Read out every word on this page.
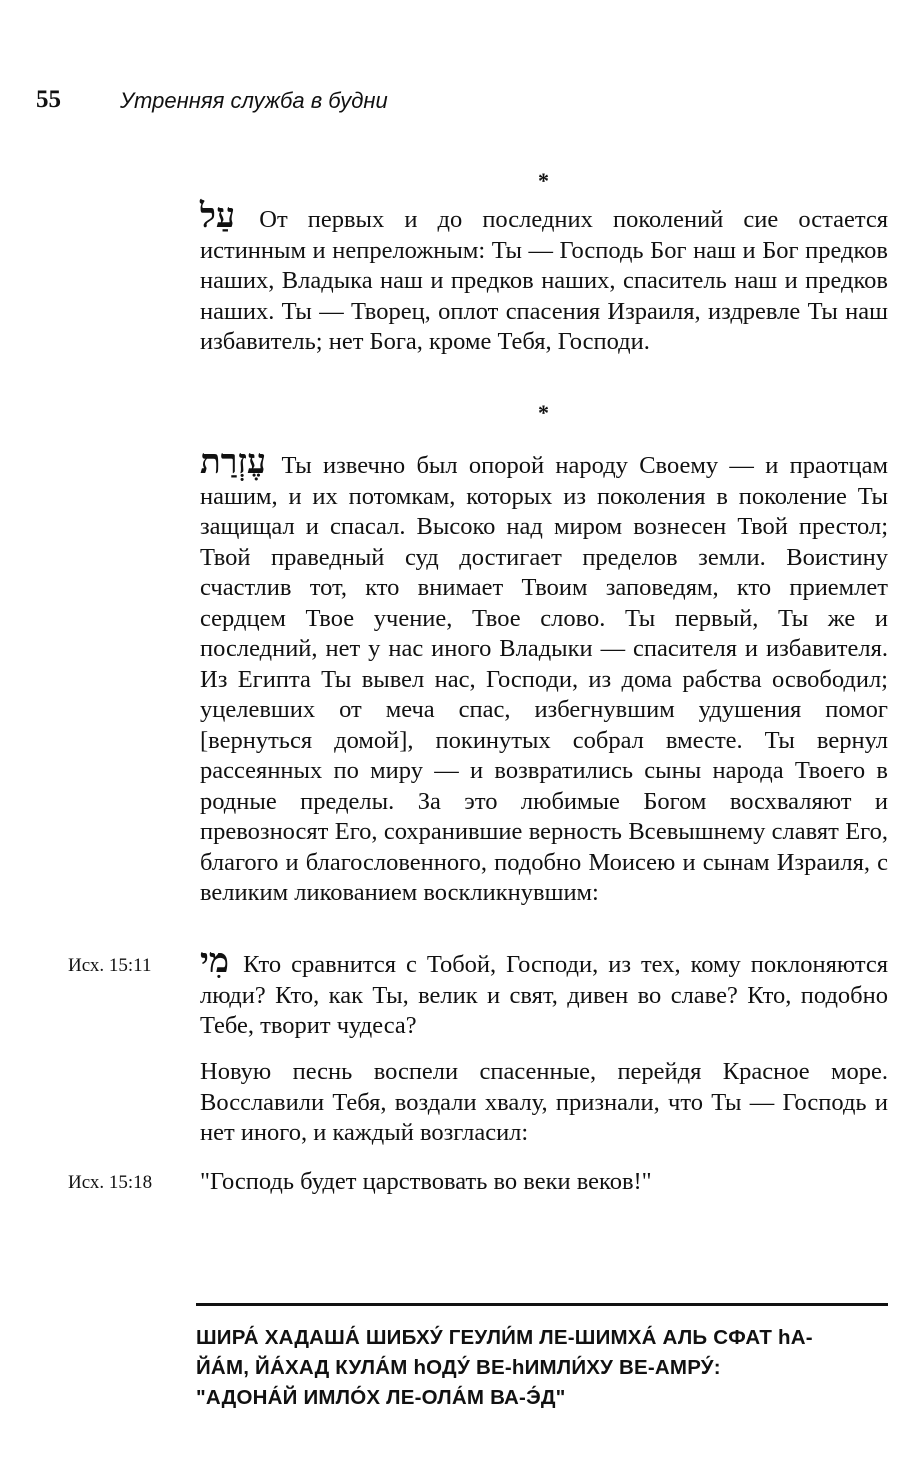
55	Утренняя служба в будни
*
עַל От первых и до последних поколений сие остается истинным и непреложным: Ты — Господь Бог наш и Бог предков наших, Владыка наш и предков наших, спаситель наш и предков наших. Ты — Творец, оплот спасения Израиля, издревле Ты наш избавитель; нет Бога, кроме Тебя, Господи.
*
עֶזְרַת Ты извечно был опорой народу Своему — и праотцам нашим, и их потомкам, которых из поколения в поколение Ты защищал и спасал. Высоко над миром вознесен Твой престол; Твой праведный суд достигает пределов земли. Воистину счастлив тот, кто внимает Твоим заповедям, кто приемлет сердцем Твое учение, Твое слово. Ты первый, Ты же и последний, нет у нас иного Владыки — спасителя и избавителя. Из Египта Ты вывел нас, Господи, из дома рабства освободил; уцелевших от меча спас, избегнувшим удушения помог [вернуться домой], покинутых собрал вместе. Ты вернул рассеянных по миру — и возвратились сыны народа Твоего в родные пределы. За это любимые Богом восхваляют и превозносят Его, сохранившие верность Всевышнему славят Его, благого и благословенного, подобно Моисею и сынам Израиля, с великим ликованием воскликнувшим:
Исх. 15:11 מִי Кто сравнится с Тобой, Господи, из тех, кому поклоняются люди? Кто, как Ты, велик и свят, дивен во славе? Кто, подобно Тебе, творит чудеса?
Новую песнь воспели спасенные, перейдя Красное море. Восславили Тебя, воздали хвалу, признали, что Ты — Господь и нет иного, и каждый возгласил:
Исх. 15:18 "Господь будет царствовать во веки веков!"
ШИРА́ ХАДАША́ ШИБХУ́ ГЕУЛИ́М ЛЕ-ШИМХА́ АЛЬ СФАТ hА-
ЙА́М, ЙА́ХАД КУЛА́М hОДУ́ ВЕ-hИМЛИ́ХУ ВЕ-АМРУ́:
"АДОНА́Й ИМЛО́Х ЛЕ-ОЛА́М ВА-Э́Д"
